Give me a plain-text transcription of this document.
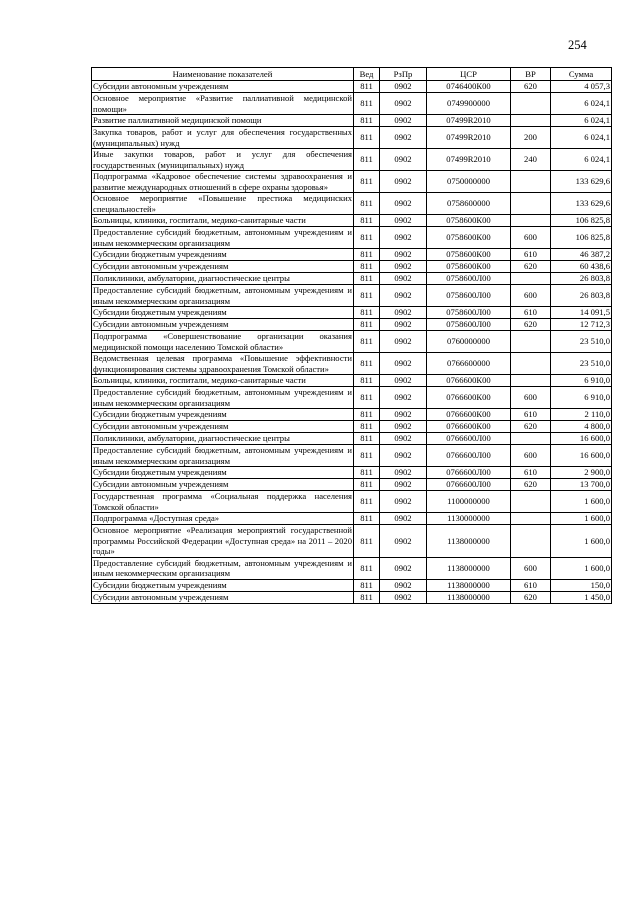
254
Наименование показателей	Вед	РзПр	ЦСР	ВР	Сумма
Субсидии автономным учреждениям	811	0902	0746400К00	620	4 057,3
Основное мероприятие «Развитие паллиативной медицинской помощи»	811	0902	0749900000		6 024,1
Развитие паллиативной медицинской помощи	811	0902	07499R2010		6 024,1
Закупка товаров, работ и услуг для обеспечения государственных (муниципальных) нужд	811	0902	07499R2010	200	6 024,1
Иные закупки товаров, работ и услуг для обеспечения государственных (муниципальных) нужд	811	0902	07499R2010	240	6 024,1
Подпрограмма «Кадровое обеспечение системы здравоохранения и развитие международных отношений в сфере охраны здоровья»	811	0902	0750000000		133 629,6
Основное мероприятие «Повышение престижа медицинских специальностей»	811	0902	0758600000		133 629,6
Больницы, клиники, госпитали, медико-санитарные части	811	0902	0758600К00		106 825,8
Предоставление субсидий бюджетным, автономным учреждениям и иным некоммерческим организациям	811	0902	0758600К00	600	106 825,8
Субсидии бюджетным учреждениям	811	0902	0758600К00	610	46 387,2
Субсидии автономным учреждениям	811	0902	0758600К00	620	60 438,6
Поликлиники, амбулатории, диагностические центры	811	0902	0758600Л00		26 803,8
Предоставление субсидий бюджетным, автономным учреждениям и иным некоммерческим организациям	811	0902	0758600Л00	600	26 803,8
Субсидии бюджетным учреждениям	811	0902	0758600Л00	610	14 091,5
Субсидии автономным учреждениям	811	0902	0758600Л00	620	12 712,3
Подпрограмма «Совершенствование организации оказания медицинской помощи населению Томской области»	811	0902	0760000000		23 510,0
Ведомственная целевая программа «Повышение эффективности функционирования системы здравоохранения Томской области»	811	0902	0766600000		23 510,0
Больницы, клиники, госпитали, медико-санитарные части	811	0902	0766600К00		6 910,0
Предоставление субсидий бюджетным, автономным учреждениям и иным некоммерческим организациям	811	0902	0766600К00	600	6 910,0
Субсидии бюджетным учреждениям	811	0902	0766600К00	610	2 110,0
Субсидии автономным учреждениям	811	0902	0766600К00	620	4 800,0
Поликлиники, амбулатории, диагностические центры	811	0902	0766600Л00		16 600,0
Предоставление субсидий бюджетным, автономным учреждениям и иным некоммерческим организациям	811	0902	0766600Л00	600	16 600,0
Субсидии бюджетным учреждениям	811	0902	0766600Л00	610	2 900,0
Субсидии автономным учреждениям	811	0902	0766600Л00	620	13 700,0
Государственная программа «Социальная поддержка населения Томской области»	811	0902	1100000000		1 600,0
Подпрограмма «Доступная среда»	811	0902	1130000000		1 600,0
Основное мероприятие «Реализация мероприятий государственной программы Российской Федерации «Доступная среда» на 2011 – 2020 годы»	811	0902	1138000000		1 600,0
Предоставление субсидий бюджетным, автономным учреждениям и иным некоммерческим организациям	811	0902	1138000000	600	1 600,0
Субсидии бюджетным учреждениям	811	0902	1138000000	610	150,0
Субсидии автономным учреждениям	811	0902	1138000000	620	1 450,0
